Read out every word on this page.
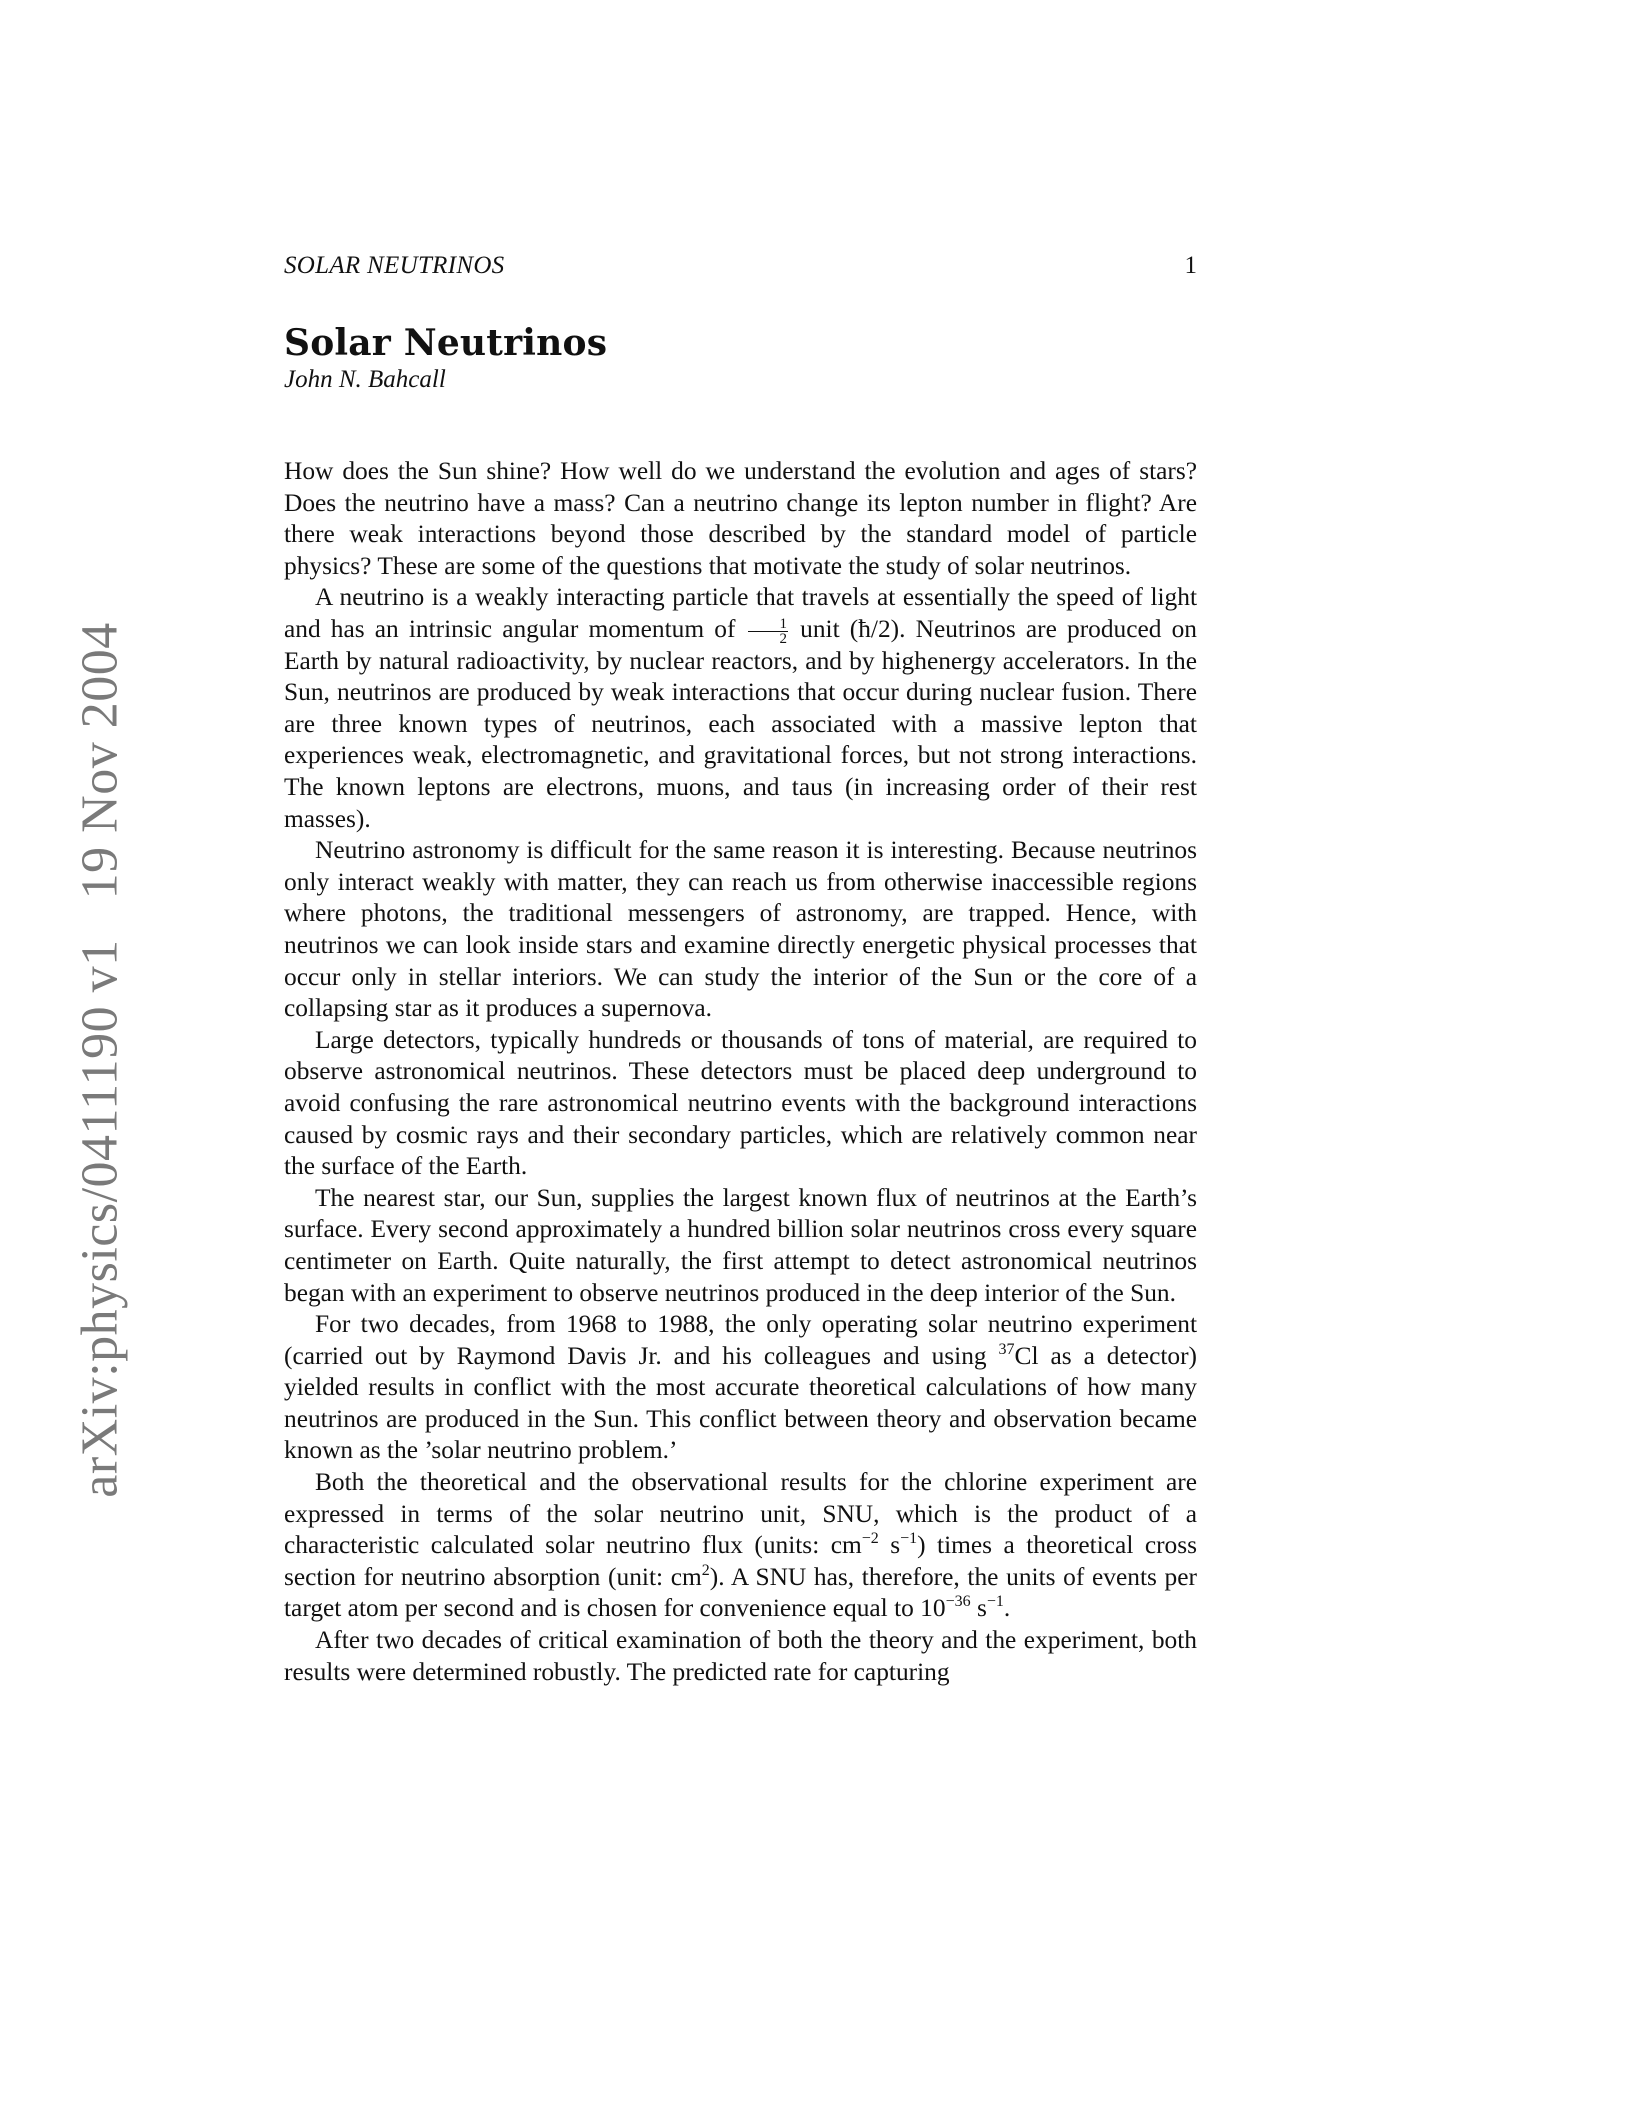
arXiv:physics/0411190 v119 Nov 2004
SOLAR NEUTRINOS	1
Solar Neutrinos
John N. Bahcall

How does the Sun shine? How well do we understand the evolution and ages of stars? Does the neutrino have a mass? Can a neutrino change its lepton number in flight? Are there weak interactions beyond those described by the standard model of particle physics? These are some of the questions that motivate the study of solar neutrinos.

A neutrino is a weakly interacting particle that travels at essentially the speed of light and has an intrinsic angular momentum of $\frac{1}{2}$ unit (ħ/2). Neutrinos are produced on Earth by natural radioactivity, by nuclear reactors, and by highenergy accelerators. In the Sun, neutrinos are produced by weak interactions that occur during nuclear fusion. There are three known types of neutrinos, each associated with a massive lepton that experiences weak, electromagnetic, and gravitational forces, but not strong interactions. The known leptons are electrons, muons, and taus (in increasing order of their rest masses).

Neutrino astronomy is difficult for the same reason it is interesting. Because neutrinos only interact weakly with matter, they can reach us from otherwise inaccessible regions where photons, the traditional messengers of astronomy, are trapped. Hence, with neutrinos we can look inside stars and examine directly energetic physical processes that occur only in stellar interiors. We can study the interior of the Sun or the core of a collapsing star as it produces a supernova.

Large detectors, typically hundreds or thousands of tons of material, are required to observe astronomical neutrinos. These detectors must be placed deep underground to avoid confusing the rare astronomical neutrino events with the background interactions caused by cosmic rays and their secondary particles, which are relatively common near the surface of the Earth.

The nearest star, our Sun, supplies the largest known flux of neutrinos at the Earth’s surface. Every second approximately a hundred billion solar neutrinos cross every square centimeter on Earth. Quite naturally, the first attempt to detect astronomical neutrinos began with an experiment to observe neutrinos produced in the deep interior of the Sun.

For two decades, from 1968 to 1988, the only operating solar neutrino experiment (carried out by Raymond Davis Jr. and his colleagues and using $^{37}$Cl as a detector) yielded results in conflict with the most accurate theoretical calculations of how many neutrinos are produced in the Sun. This conflict between theory and observation became known as the ’solar neutrino problem.’

Both the theoretical and the observational results for the chlorine experiment are expressed in terms of the solar neutrino unit, SNU, which is the product of a characteristic calculated solar neutrino flux (units: $cm^{-2}$ $s^{-1}$) times a theoretical cross section for neutrino absorption (unit: $cm^2$). A SNU has, therefore, the units of events per target atom per second and is chosen for convenience equal to $10^{-36}$ $s^{-1}$.

After two decades of critical examination of both the theory and the experiment, both results were determined robustly. The predicted rate for capturing
